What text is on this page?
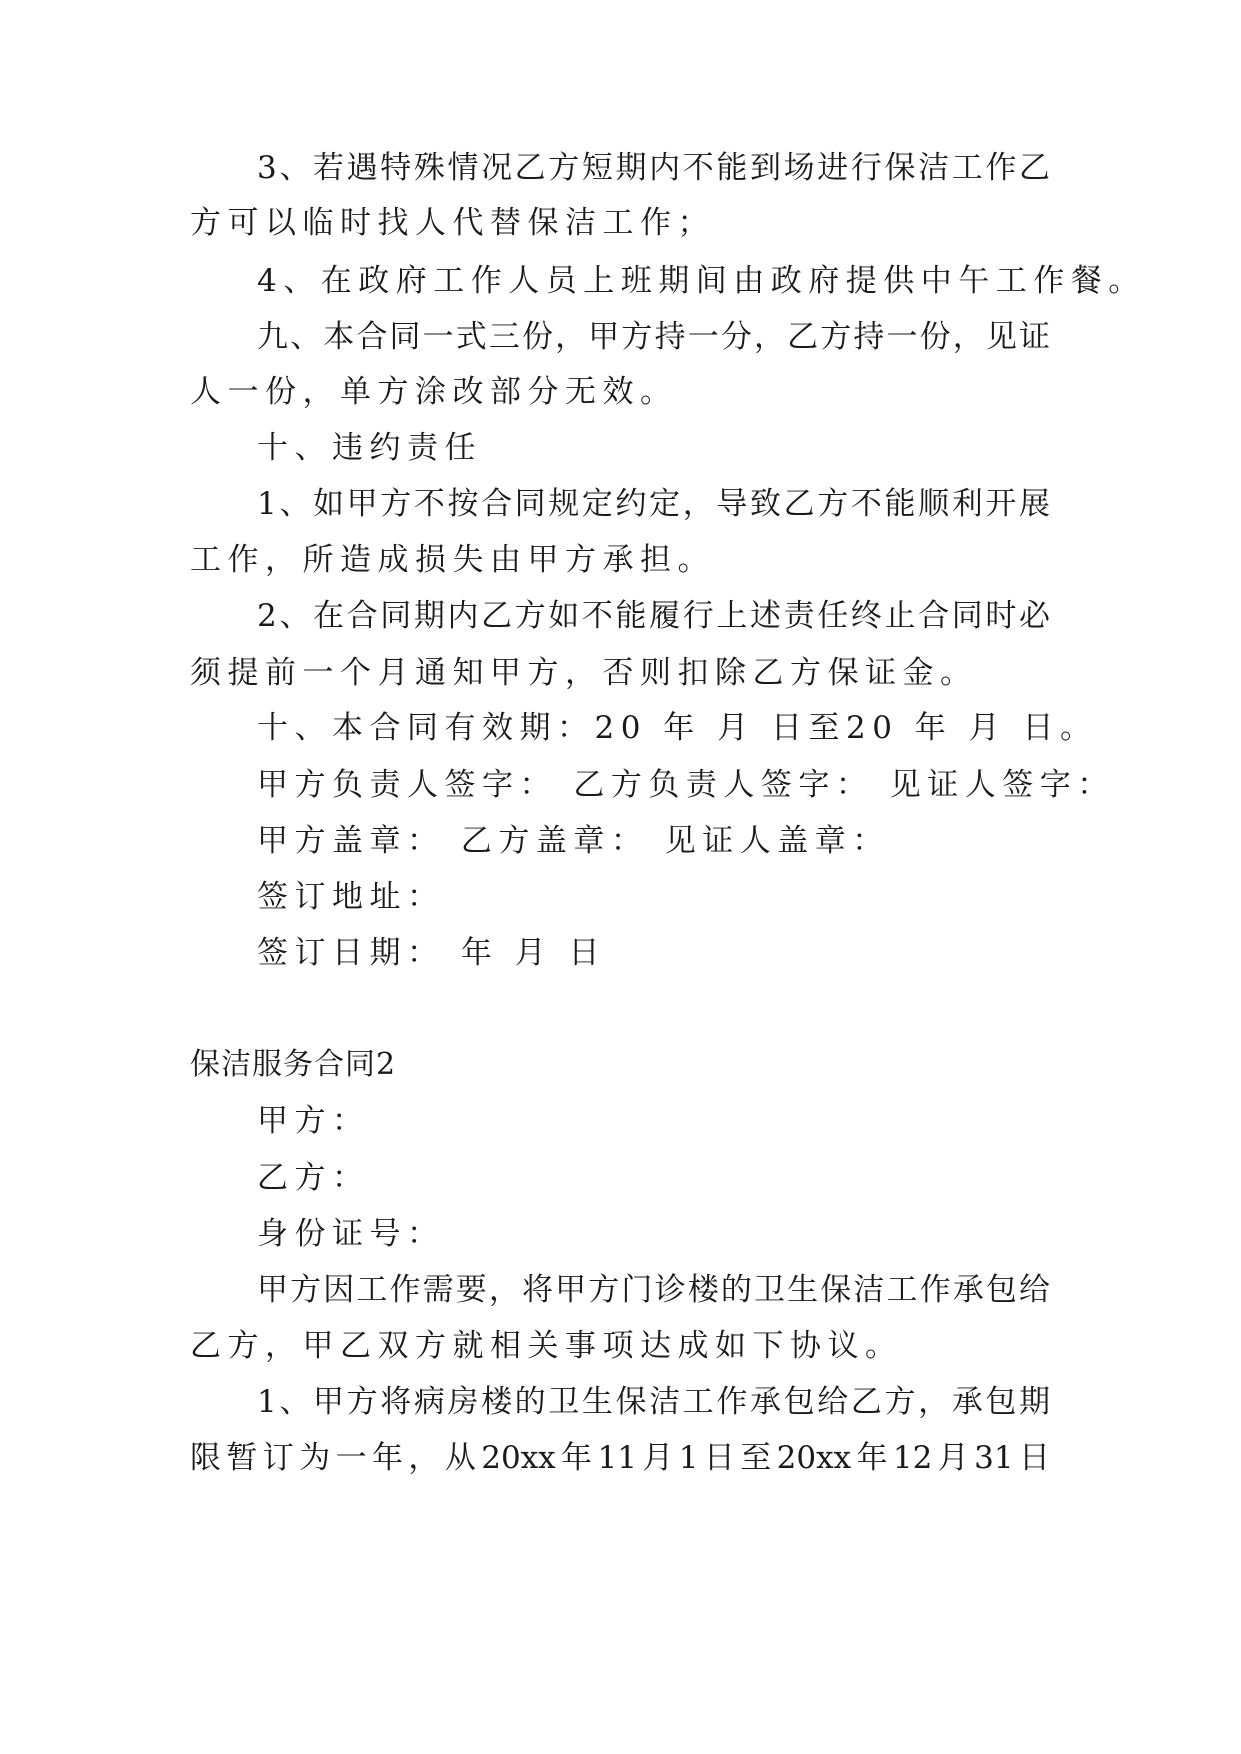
3、若遇特殊情况乙方短期内不能到场进行保洁工作乙
方可以临时找人代替保洁工作；
4、在政府工作人员上班期间由政府提供中午工作餐。
九、本合同一式三份，甲方持一分，乙方持一份，见证
人一份，单方涂改部分无效。
十、违约责任
1、如甲方不按合同规定约定，导致乙方不能顺利开展
工作，所造成损失由甲方承担。
2、在合同期内乙方如不能履行上述责任终止合同时必
须提前一个月通知甲方，否则扣除乙方保证金。
十、本合同有效期：20 年 月 日至20 年 月 日。
甲方负责人签字： 乙方负责人签字： 见证人签字：
甲方盖章： 乙方盖章： 见证人盖章：
签订地址：
签订日期： 年 月 日
保洁服务合同2
甲方：
乙方：
身份证号：
甲方因工作需要，将甲方门诊楼的卫生保洁工作承包给
乙方，甲乙双方就相关事项达成如下协议。
1、甲方将病房楼的卫生保洁工作承包给乙方，承包期
限暂订为一年，从20xx年11月1日至20xx年12月31日
